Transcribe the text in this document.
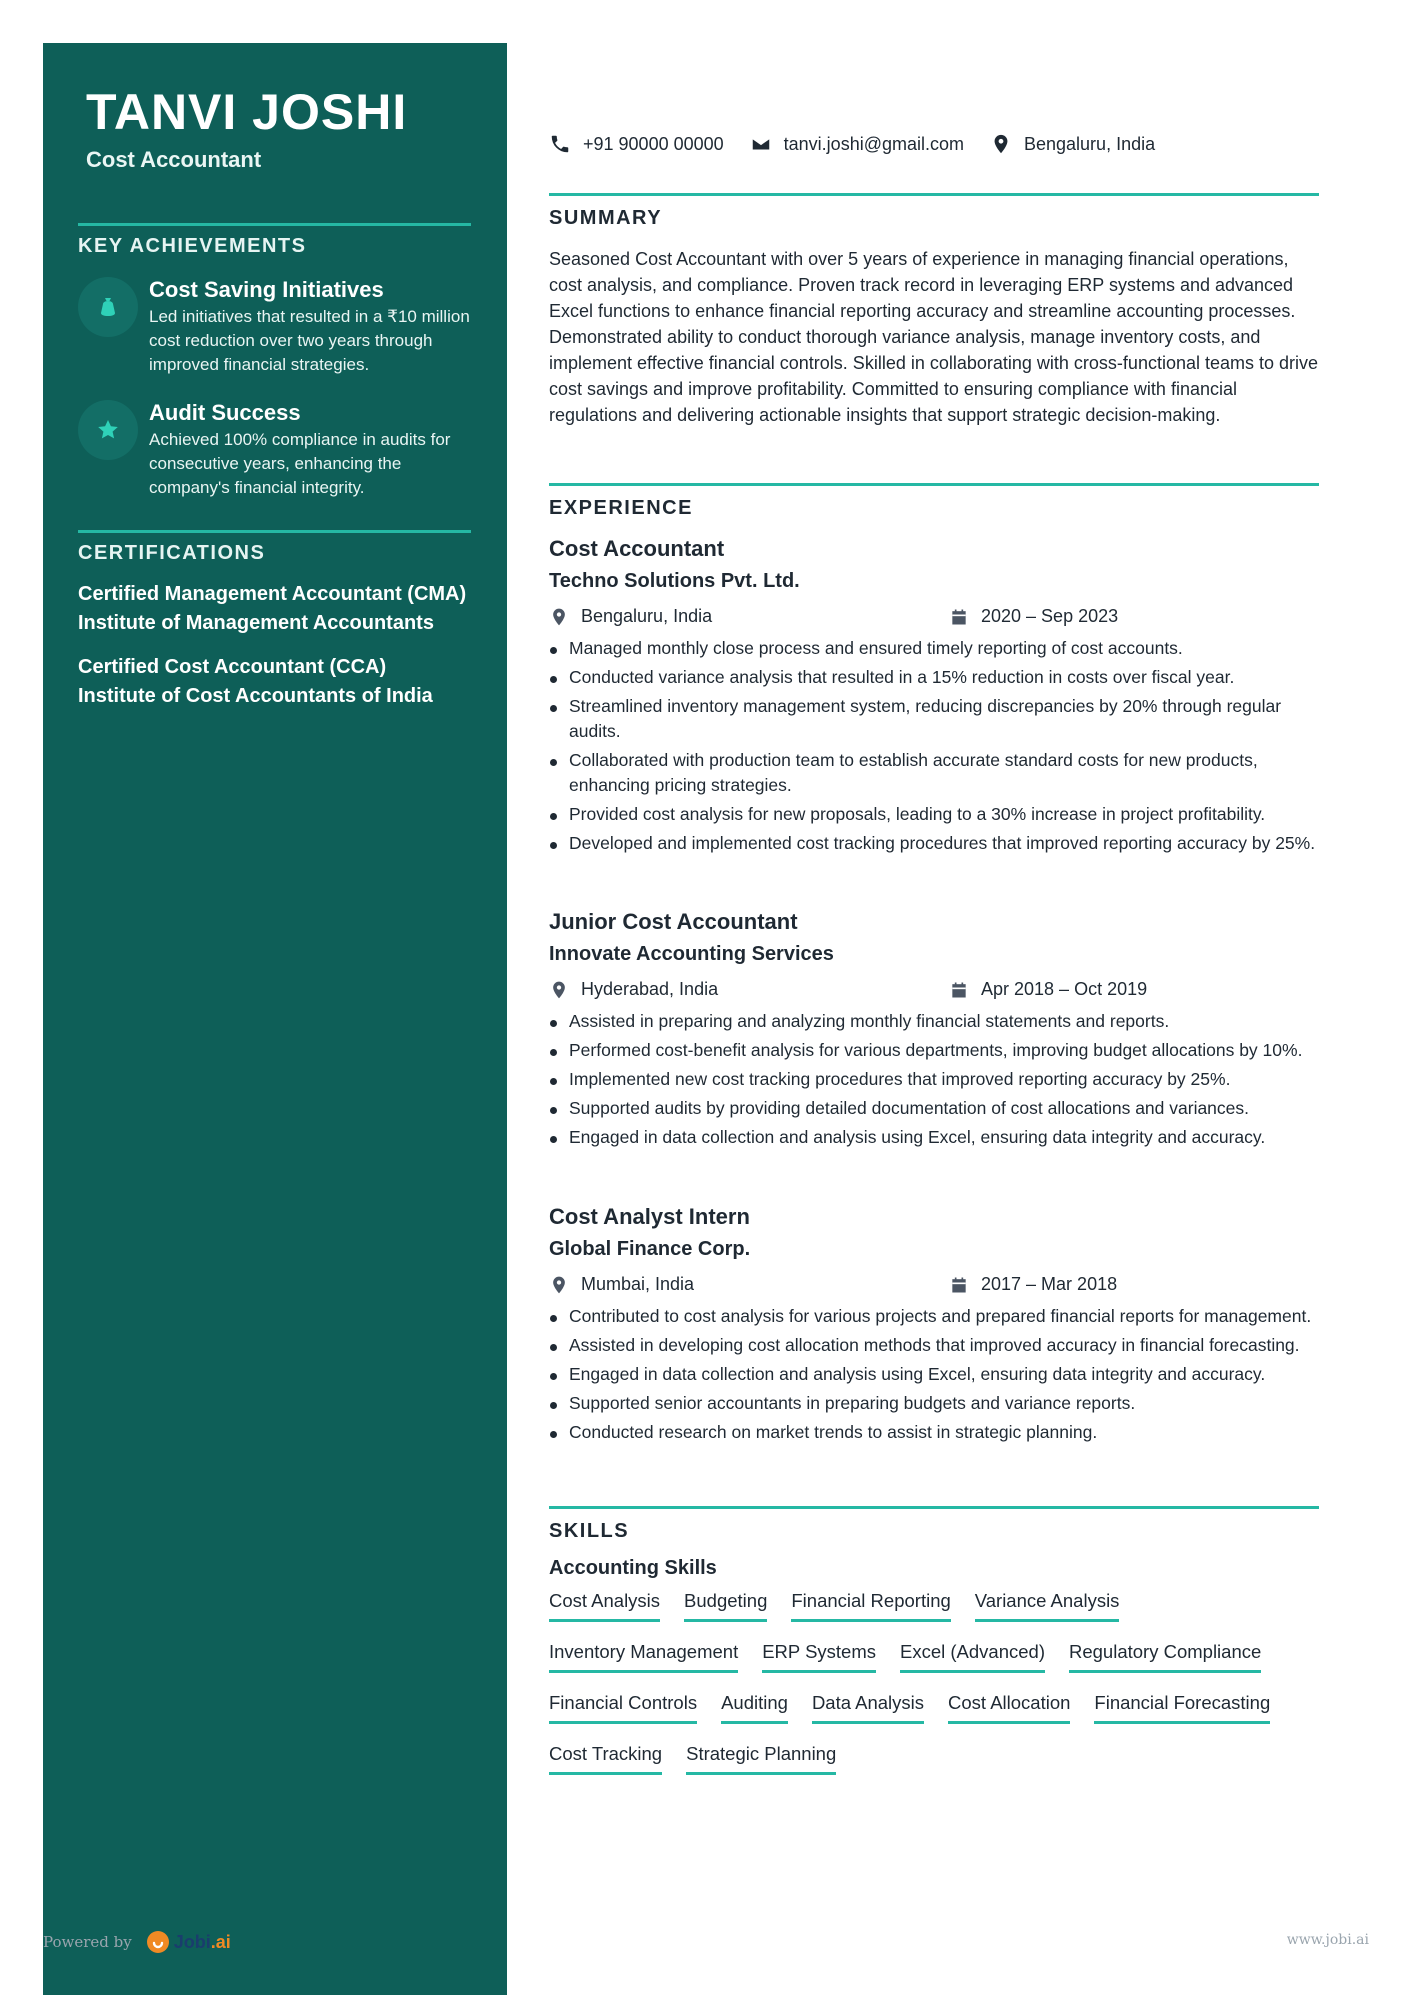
TANVI JOSHI
Cost Accountant
KEY ACHIEVEMENTS
Cost Saving Initiatives
Led initiatives that resulted in a ₹10 million cost reduction over two years through improved financial strategies.
Audit Success
Achieved 100% compliance in audits for consecutive years, enhancing the company's financial integrity.
CERTIFICATIONS
Certified Management Accountant (CMA)
Institute of Management Accountants
Certified Cost Accountant (CCA)
Institute of Cost Accountants of India
+91 90000 00000	tanvi.joshi@gmail.com	Bengaluru, India
SUMMARY
Seasoned Cost Accountant with over 5 years of experience in managing financial operations, cost analysis, and compliance. Proven track record in leveraging ERP systems and advanced Excel functions to enhance financial reporting accuracy and streamline accounting processes. Demonstrated ability to conduct thorough variance analysis, manage inventory costs, and implement effective financial controls. Skilled in collaborating with cross-functional teams to drive cost savings and improve profitability. Committed to ensuring compliance with financial regulations and delivering actionable insights that support strategic decision-making.
EXPERIENCE
Cost Accountant
Techno Solutions Pvt. Ltd.
Bengaluru, India	2020 – Sep 2023
Managed monthly close process and ensured timely reporting of cost accounts.
Conducted variance analysis that resulted in a 15% reduction in costs over fiscal year.
Streamlined inventory management system, reducing discrepancies by 20% through regular audits.
Collaborated with production team to establish accurate standard costs for new products, enhancing pricing strategies.
Provided cost analysis for new proposals, leading to a 30% increase in project profitability.
Developed and implemented cost tracking procedures that improved reporting accuracy by 25%.
Junior Cost Accountant
Innovate Accounting Services
Hyderabad, India	Apr 2018 – Oct 2019
Assisted in preparing and analyzing monthly financial statements and reports.
Performed cost-benefit analysis for various departments, improving budget allocations by 10%.
Implemented new cost tracking procedures that improved reporting accuracy by 25%.
Supported audits by providing detailed documentation of cost allocations and variances.
Engaged in data collection and analysis using Excel, ensuring data integrity and accuracy.
Cost Analyst Intern
Global Finance Corp.
Mumbai, India	2017 – Mar 2018
Contributed to cost analysis for various projects and prepared financial reports for management.
Assisted in developing cost allocation methods that improved accuracy in financial forecasting.
Engaged in data collection and analysis using Excel, ensuring data integrity and accuracy.
Supported senior accountants in preparing budgets and variance reports.
Conducted research on market trends to assist in strategic planning.
SKILLS
Accounting Skills
Cost Analysis Budgeting Financial Reporting Variance Analysis
Inventory Management ERP Systems Excel (Advanced) Regulatory Compliance
Financial Controls Auditing Data Analysis Cost Allocation Financial Forecasting
Cost Tracking Strategic Planning
Powered by Jobi .ai	www.jobi.ai
